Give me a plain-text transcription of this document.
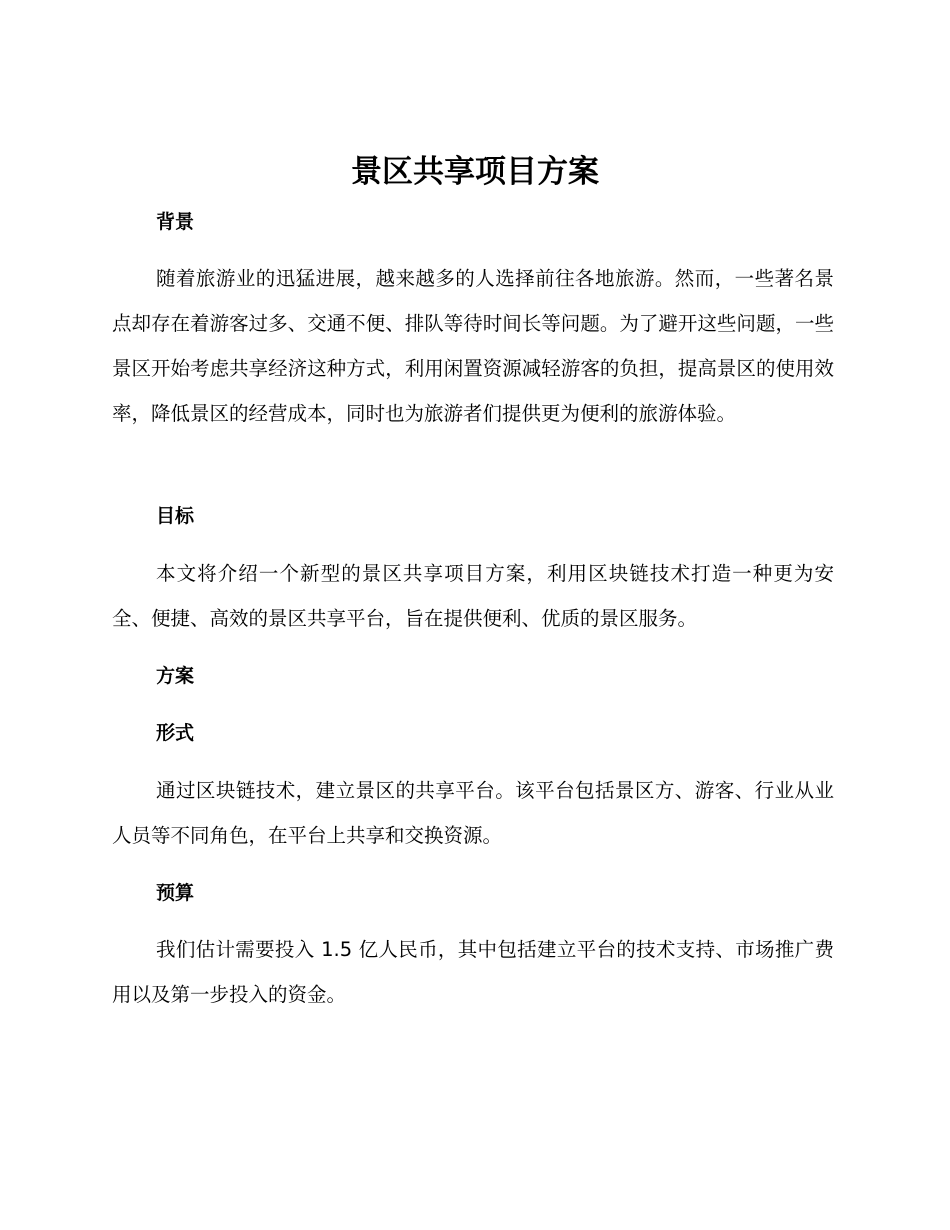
景区共享项目方案
背景

随着旅游业的迅猛进展，越来越多的人选择前往各地旅游。然而，一些著名景点却存在着游客过多、交通不便、排队等待时间长等问题。为了避开这些问题，一些景区开始考虑共享经济这种方式，利用闲置资源减轻游客的负担，提高景区的使用效率，降低景区的经营成本，同时也为旅游者们提供更为便利的旅游体验。

目标

本文将介绍一个新型的景区共享项目方案，利用区块链技术打造一种更为安全、便捷、高效的景区共享平台，旨在提供便利、优质的景区服务。

方案
形式

通过区块链技术，建立景区的共享平台。该平台包括景区方、游客、行业从业人员等不同角色，在平台上共享和交换资源。

预算

我们估计需要投入 1.5 亿人民币，其中包括建立平台的技术支持、市场推广费用以及第一步投入的资金。
